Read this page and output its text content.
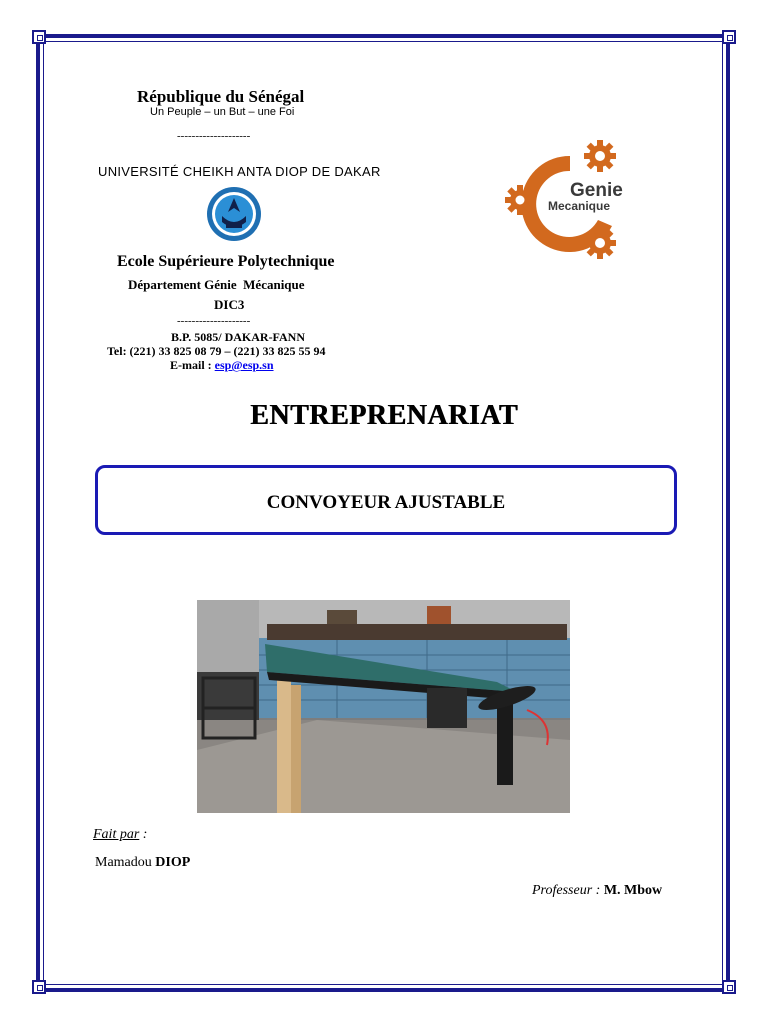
République du Sénégal
Un Peuple – un But – une Foi
--------------------
UNIVERSITÉ CHEIKH ANTA DIOP DE DAKAR
Ecole Supérieure Polytechnique
Département Génie  Mécanique
DIC3
--------------------
B.P. 5085/ DAKAR-FANN
Tel: (221) 33 825 08 79 – (221) 33 825 55 94
E-mail : esp@esp.sn
Genie
Mecanique
ENTREPRENARIAT
CONVOYEUR AJUSTABLE
Fait par :
Mamadou DIOP
Professeur : M. Mbow
